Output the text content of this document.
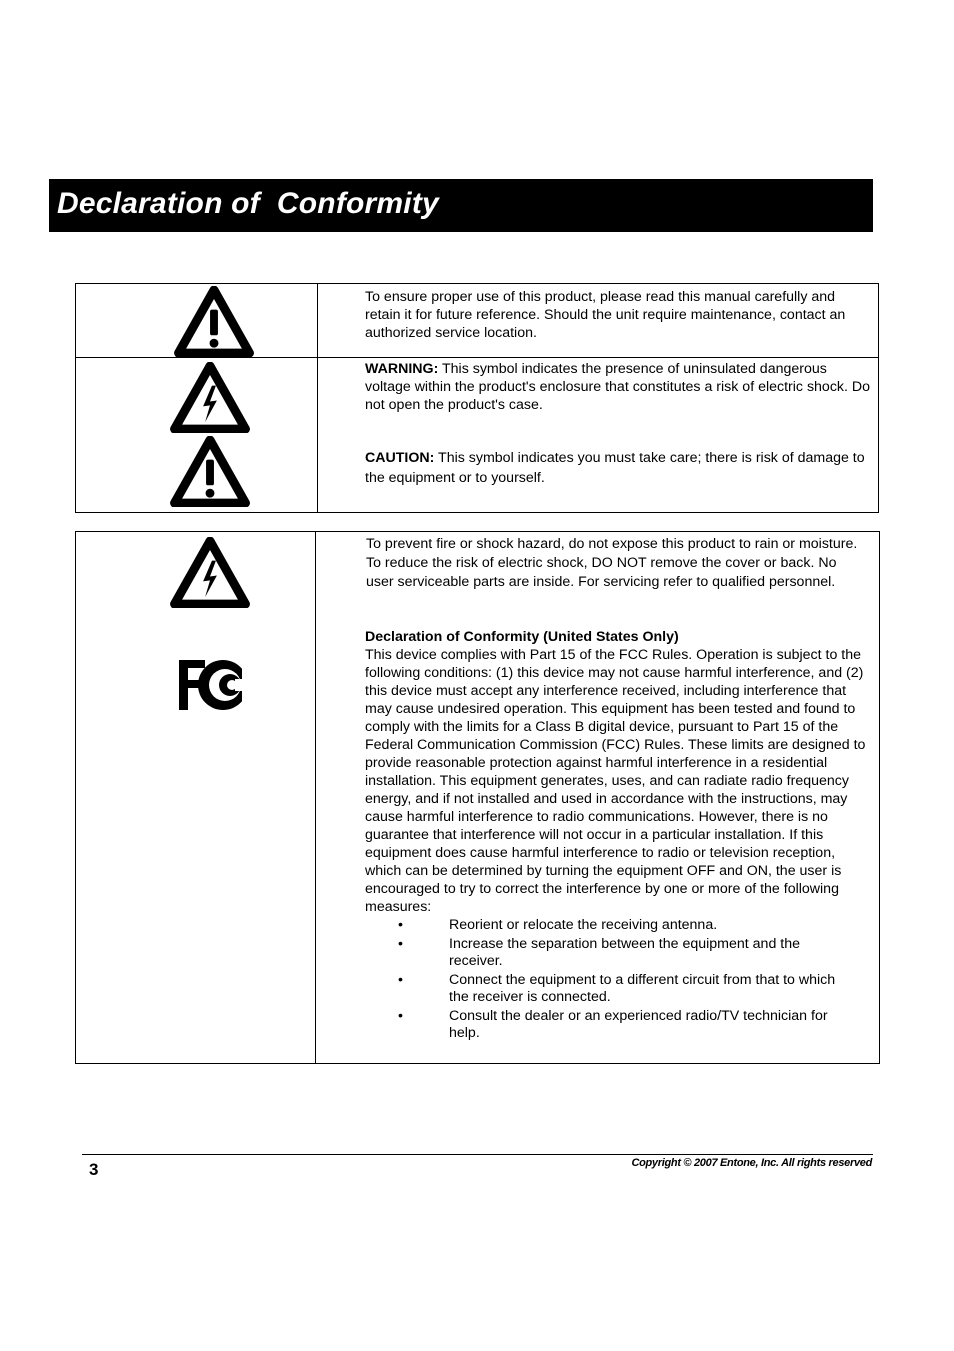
Declaration of  Conformity
To ensure proper use of this product, please read this manual carefully and retain it for future reference. Should the unit require maintenance, contact an authorized service location.
WARNING: This symbol indicates the presence of uninsulated dangerous voltage within the product's enclosure that constitutes a risk of electric shock. Do not open the product's case.
CAUTION: This symbol indicates you must take care; there is risk of damage to the equipment or to yourself.
To prevent fire or shock hazard, do not expose this product to rain or moisture. To reduce the risk of electric shock, DO NOT remove the cover or back. No user serviceable parts are inside. For servicing refer to qualified personnel.
Declaration of Conformity (United States Only)
This device complies with Part 15 of the FCC Rules. Operation is subject to the following conditions: (1) this device may not cause harmful interference, and (2) this device must accept any interference received, including interference that may cause undesired operation. This equipment has been tested and found to comply with the limits for a Class B digital device, pursuant to Part 15 of the Federal Communication Commission (FCC) Rules. These limits are designed to provide reasonable protection against harmful interference in a residential installation. This equipment generates, uses, and can radiate radio frequency energy, and if not installed and used in accordance with the instructions, may cause harmful interference to radio communications. However, there is no guarantee that interference will not occur in a particular installation. If this equipment does cause harmful interference to radio or television reception, which can be determined by turning the equipment OFF and ON, the user is encouraged to try to correct the interference by one or more of the following measures:
• Reorient or relocate the receiving antenna.
• Increase the separation between the equipment and the receiver.
• Connect the equipment to a different circuit from that to which the receiver is connected.
• Consult the dealer or an experienced radio/TV technician for help.
3	Copyright © 2007 Entone, Inc. All rights reserved
